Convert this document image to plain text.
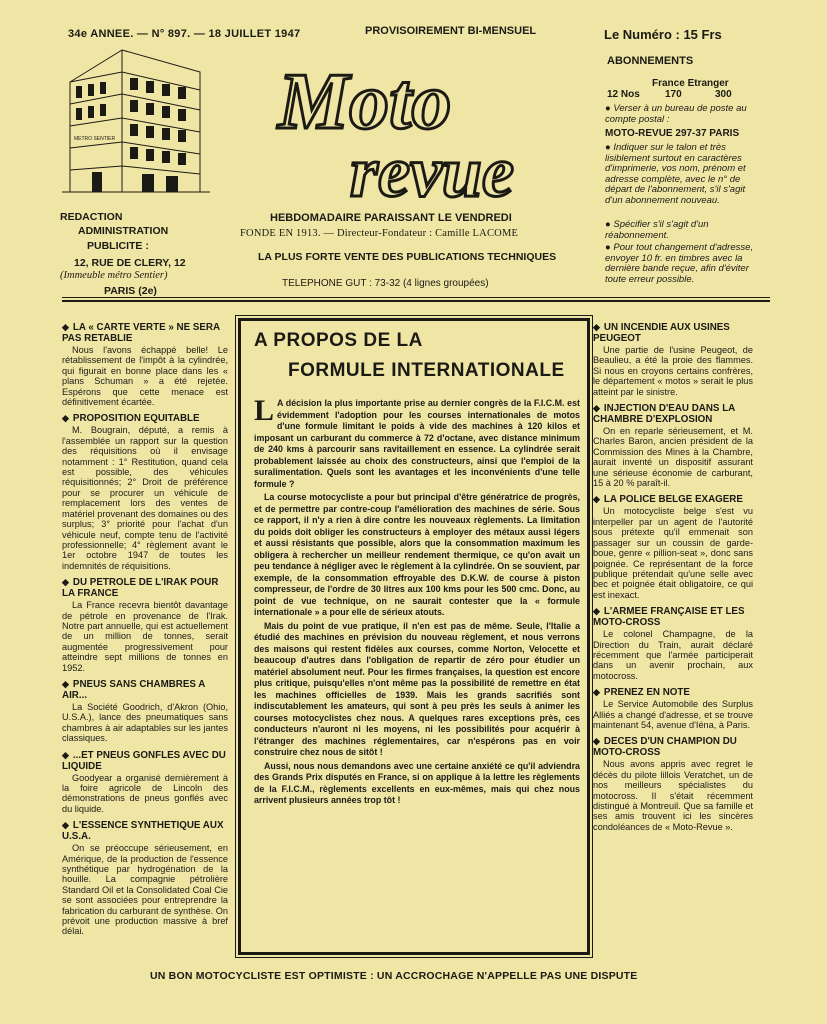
34e ANNEE. — N° 897. — 18 JUILLET 1947	PROVISOIREMENT BI-MENSUEL	Le Numéro : 15 Frs
ABONNEMENTS
France Etranger
12 Nos	170	300
● Verser à un bureau de poste au compte postal :
MOTO-REVUE 297-37 PARIS
● Indiquer sur le talon et très lisiblement surtout en caractères d'imprimerie, vos nom, prénom et adresse complète, avec le n° de départ de l'abonnement, s'il s'agit d'un abonnement nouveau.
● Spécifier s'il s'agit d'un réabonnement.
● Pour tout changement d'adresse, envoyer 10 fr. en timbres avec la dernière bande reçue, afin d'éviter toute erreur possible.
METRO SENTIER Moto
revue
REDACTION
ADMINISTRATION
PUBLICITE :
12, RUE DE CLERY, 12
(Immeuble métro Sentier)
PARIS (2e)
HEBDOMADAIRE PARAISSANT LE VENDREDI
FONDE EN 1913. — Directeur-Fondateur : Camille LACOME
LA PLUS FORTE VENTE DES PUBLICATIONS TECHNIQUES
TELEPHONE GUT : 73-32 (4 lignes groupées)
◆ LA « CARTE VERTE » NE SERA PAS RETABLIE

Nous l'avons échappé belle! Le rétablissement de l'impôt à la cylindrée, qui figurait en bonne place dans les « plans Schuman » a été rejetée. Espérons que cette menace est définitivement écartée.

◆ PROPOSITION EQUITABLE

M. Bougrain, député, a remis à l'assemblée un rapport sur la question des réquisitions où il envisage notamment : 1° Restitution, quand cela est possible, des véhicules réquisitionnés; 2° Droit de préférence pour se procurer un véhicule de remplacement lors des ventes de matériel provenant des domaines ou des surplus; 3° priorité pour l'achat d'un véhicule neuf, compte tenu de l'activité professionnelle; 4° règlement avant le 1er octobre 1947 de toutes les indemnités de réquisitions.

◆ DU PETROLE DE L'IRAK POUR LA FRANCE

La France recevra bientôt davantage de pétrole en provenance de l'Irak. Notre part annuelle, qui est actuellement de un million de tonnes, serait augmentée progressivement pour atteindre sept millions de tonnes en 1952.

◆ PNEUS SANS CHAMBRES A AIR...

La Société Goodrich, d'Akron (Ohio, U.S.A.), lance des pneumatiques sans chambres à air adaptables sur les jantes classiques.

◆ ...ET PNEUS GONFLES AVEC DU LIQUIDE

Goodyear a organisé dernièrement à la foire agricole de Lincoln des démonstrations de pneus gonflés avec du liquide.

◆ L'ESSENCE SYNTHETIQUE AUX U.S.A.

On se préoccupe sérieusement, en Amérique, de la production de l'essence synthétique par hydrogénation de la houille. La compagnie pétrolière Standard Oil et la Consolidated Coal Cie se sont associées pour entreprendre la fabrication du carburant de synthèse. On prévoit une production massive à bref délai.

A PROPOS DE LA
FORMULE INTERNATIONALE

L A décision la plus importante prise au dernier congrès de la F.I.C.M. est évidemment l'adoption pour les courses internationales de motos d'une formule limitant le poids à vide des machines à 120 kilos et imposant un carburant du commerce à 72 d'octane, avec distance minimum de 240 kms à parcourir sans ravitaillement en essence. La cylindrée serait probablement laissée au choix des constructeurs, ainsi que l'emploi de la suralimentation. Quels sont les avantages et les inconvénients d'une telle formule ?

La course motocycliste a pour but principal d'être génératrice de progrès, et de permettre par contre-coup l'amélioration des machines de série. Sous ce rapport, il n'y a rien à dire contre les nouveaux règlements. La limitation du poids doit obliger les constructeurs à employer des métaux aussi légers et aussi résistants que possible, alors que la consommation maximum les obligera à rechercher un meilleur rendement thermique, ce qu'on avait un peu tendance à négliger avec le règlement à la cylindrée. On se souvient, par exemple, de la consommation effroyable des D.K.W. de course à piston compresseur, de l'ordre de 30 litres aux 100 kms pour les 500 cmc. Donc, au point de vue technique, on ne saurait contester que la « formule internationale » a pour elle de sérieux atouts.

Mais du point de vue pratique, il n'en est pas de même. Seule, l'Italie a étudié des machines en prévision du nouveau règlement, et nous verrons des maisons qui restent fidèles aux courses, comme Norton, Velocette et beaucoup d'autres dans l'obligation de repartir de zéro pour étudier un matériel absolument neuf. Pour les firmes françaises, la question est encore plus critique, puisqu'elles n'ont même pas la possibilité de remettre en état les machines officielles de 1939. Mais les grands sacrifiés sont indiscutablement les amateurs, qui sont à peu près les seuls à animer les courses motocyclistes chez nous. A quelques rares exceptions près, ces conducteurs n'auront ni les moyens, ni les possibilités pour acquérir à l'étranger des machines réglementaires, car n'espérons pas en voir construire chez nous de sitôt !

Aussi, nous nous demandons avec une certaine anxiété ce qu'il adviendra des Grands Prix disputés en France, si on applique à la lettre les règlements de la F.I.C.M., règlements excellents en eux-mêmes, mais qui chez nous arrivent plusieurs années trop tôt !

◆ UN INCENDIE AUX USINES PEUGEOT

Une partie de l'usine Peugeot, de Beaulieu, a été la proie des flammes. Si nous en croyons certains confrères, le département « motos » serait le plus atteint par le sinistre.

◆ INJECTION D'EAU DANS LA CHAMBRE D'EXPLOSION

On en reparle sérieusement, et M. Charles Baron, ancien président de la Commission des Mines à la Chambre, aurait inventé un dispositif assurant une sérieuse économie de carburant, 15 à 20 % paraît-il.

◆ LA POLICE BELGE EXAGERE

Un motocycliste belge s'est vu interpeller par un agent de l'autorité sous prétexte qu'il emmenait son passager sur un coussin de garde-boue, genre « pillion-seat », donc sans poignée. Ce représentant de la force publique prétendait qu'une selle avec bec et poignée était obligatoire, ce qui est inexact.

◆ L'ARMEE FRANÇAISE ET LES MOTO-CROSS

Le colonel Champagne, de la Direction du Train, aurait déclaré récemment que l'armée participerait dans un avenir prochain, aux motocross.

◆ PRENEZ EN NOTE

Le Service Automobile des Surplus Alliés a changé d'adresse, et se trouve maintenant 54, avenue d'Iéna, à Paris.

◆ DECES D'UN CHAMPION DU MOTO-CROSS

Nous avons appris avec regret le décès du pilote lillois Veratchet, un de nos meilleurs spécialistes du motocross. Il s'était récemment distingué à Montreuil. Que sa famille et ses amis trouvent ici les sincères condoléances de « Moto-Revue ».

UN BON MOTOCYCLISTE EST OPTIMISTE : UN ACCROCHAGE N'APPELLE PAS UNE DISPUTE
